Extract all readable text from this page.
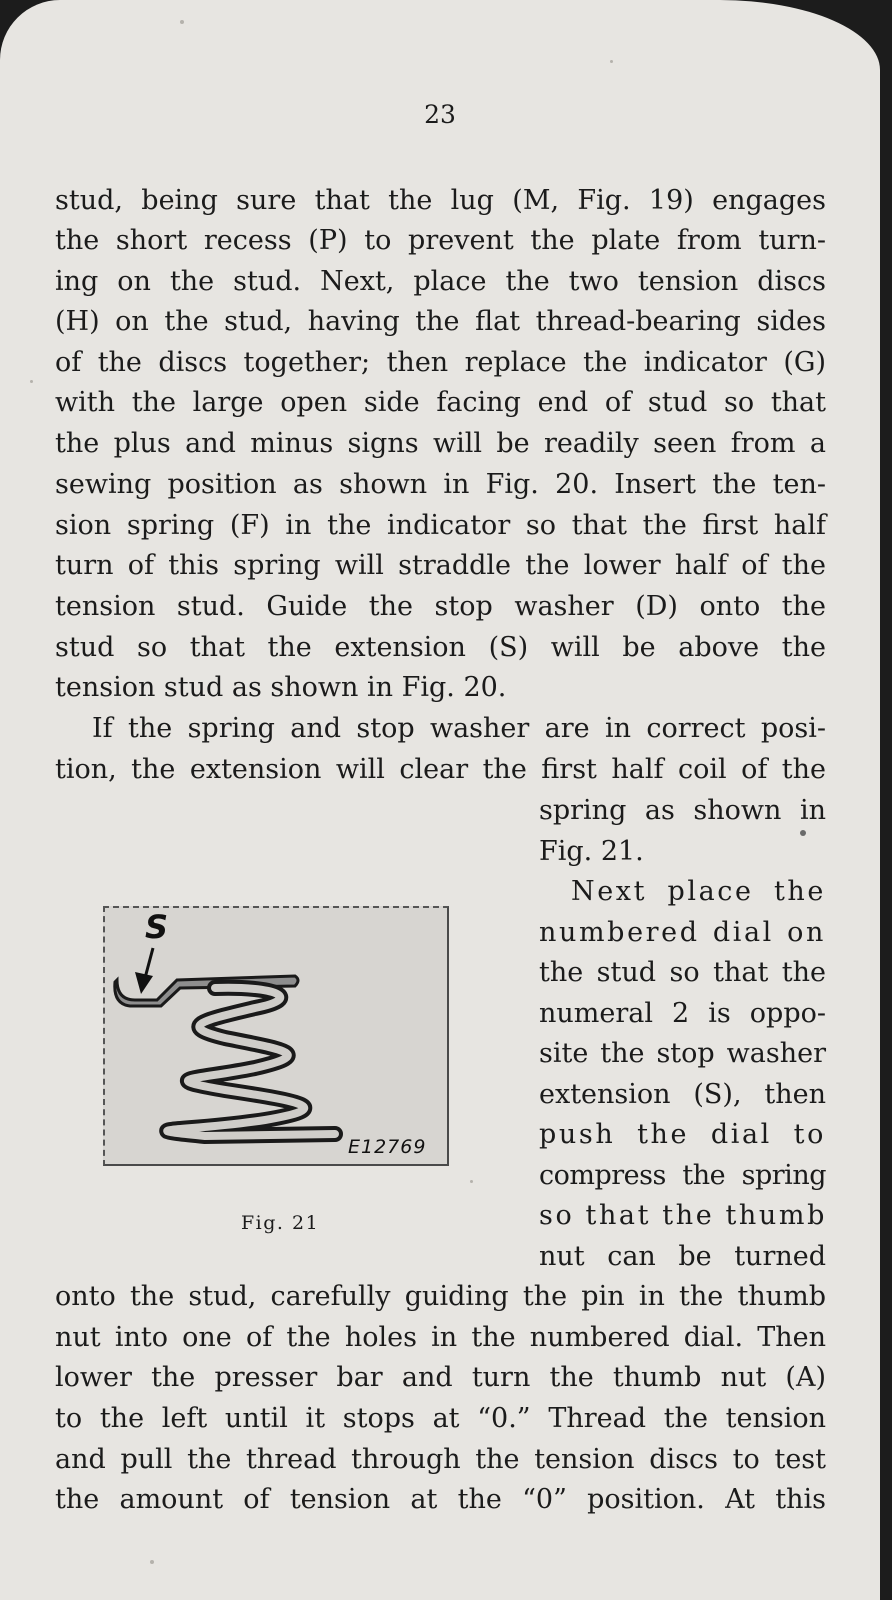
23
stud, being sure that the lug (M, Fig. 19) engages
the short recess (P) to prevent the plate from turn-
ing on the stud. Next, place the two tension discs
(H) on the stud, having the flat thread-bearing sides
of the discs together; then replace the indicator (G)
with the large open side facing end of stud so that
the plus and minus signs will be readily seen from a
sewing position as shown in Fig. 20. Insert the ten-
sion spring (F) in the indicator so that the first half
turn of this spring will straddle the lower half of the
tension stud. Guide the stop washer (D) onto the
stud so that the extension (S) will be above the
tension stud as shown in Fig. 20.
If the spring and stop washer are in correct posi-
tion, the extension will clear the first half coil of the
spring as shown in
Fig. 21.
Next place the
numbered dial on
the stud so that the
numeral 2 is oppo-
site the stop washer
extension (S), then
push the dial to
compress the spring
so that the thumb
nut can be turned
S
E12769
Fig. 21
onto the stud, carefully guiding the pin in the thumb
nut into one of the holes in the numbered dial. Then
lower the presser bar and turn the thumb nut (A)
to the left until it stops at “0.” Thread the tension
and pull the thread through the tension discs to test
the amount of tension at the “0” position. At this
